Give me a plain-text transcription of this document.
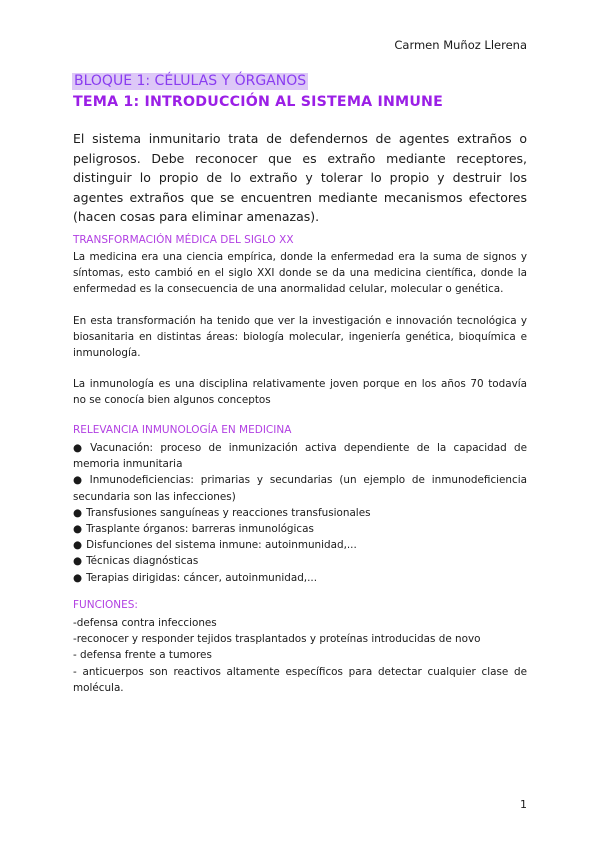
Carmen Muñoz Llerena
BLOQUE 1: CÉLULAS Y ÓRGANOS
TEMA 1: INTRODUCCIÓN AL SISTEMA INMUNE

El sistema inmunitario trata de defendernos de agentes extraños o peligrosos. Debe reconocer que es extraño mediante receptores, distinguir lo propio de lo extraño y tolerar lo propio y destruir los agentes extraños que se encuentren mediante mecanismos efectores (hacen cosas para eliminar amenazas).

TRANSFORMACIÓN MÉDICA DEL SIGLO XX

La medicina era una ciencia empírica, donde la enfermedad era la suma de signos y síntomas, esto cambió en el siglo XXI donde se da una medicina científica, donde la enfermedad es la consecuencia de una anormalidad celular, molecular o genética.

En esta transformación ha tenido que ver la investigación e innovación tecnológica y biosanitaria en distintas áreas: biología molecular, ingeniería genética, bioquímica e inmunología.

La inmunología es una disciplina relativamente joven porque en los años 70 todavía no se conocía bien algunos conceptos

RELEVANCIA INMUNOLOGÍA EN MEDICINA
● Vacunación: proceso de inmunización activa dependiente de la capacidad de memoria inmunitaria
● Inmunodeficiencias: primarias y secundarias (un ejemplo de inmunodeficiencia secundaria son las infecciones)
● Transfusiones sanguíneas y reacciones transfusionales
● Trasplante órganos: barreras inmunológicas
● Disfunciones del sistema inmune: autoinmunidad,...
● Técnicas diagnósticas
● Terapias dirigidas: cáncer, autoinmunidad,...
FUNCIONES:
-defensa contra infecciones
-reconocer y responder tejidos trasplantados y proteínas introducidas de novo
- defensa frente a tumores
- anticuerpos son reactivos altamente específicos para detectar cualquier clase de molécula.
1
